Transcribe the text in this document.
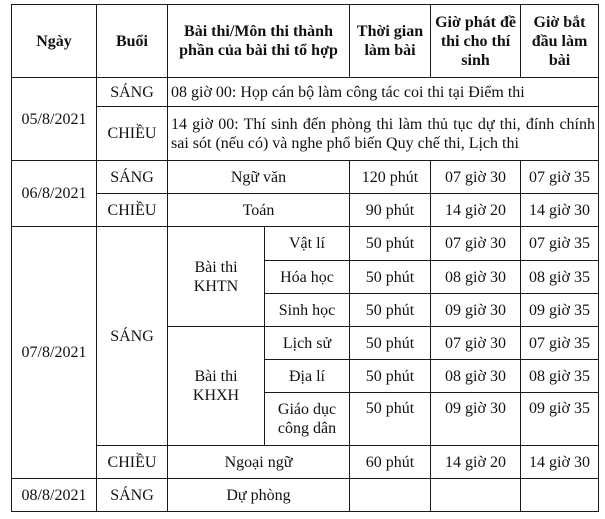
Ngày	Buổi	Bài thi/Môn thi thành phần của bài thi tổ hợp		Thời gian làm bài	Giờ phát đề thi cho thí sinh	Giờ bắt đầu làm bài
05/8/2021	SÁNG	08 giờ 00: Họp cán bộ làm công tác coi thi tại Điểm thi				
	CHIỀU	14 giờ 00: Thí sinh đến phòng thi làm thủ tục dự thi, đính chính sai sót (nếu có) và nghe phổ biến Quy chế thi, Lịch thi				
06/8/2021	SÁNG	Ngữ văn		120 phút	07 giờ 30	07 giờ 35
	CHIỀU	Toán		90 phút	14 giờ 20	14 giờ 30
07/8/2021	SÁNG	Bài thi KHTN	Vật lí	50 phút	07 giờ 30	07 giờ 35
			Hóa học	50 phút	08 giờ 30	08 giờ 35
			Sinh học	50 phút	09 giờ 30	09 giờ 35
		Bài thi KHXH	Lịch sử	50 phút	07 giờ 30	07 giờ 35
			Địa lí	50 phút	08 giờ 30	08 giờ 35
			Giáo dục công dân	50 phút	09 giờ 30	09 giờ 35
	CHIỀU	Ngoại ngữ		60 phút	14 giờ 20	14 giờ 30
08/8/2021	SÁNG	Dự phòng				
